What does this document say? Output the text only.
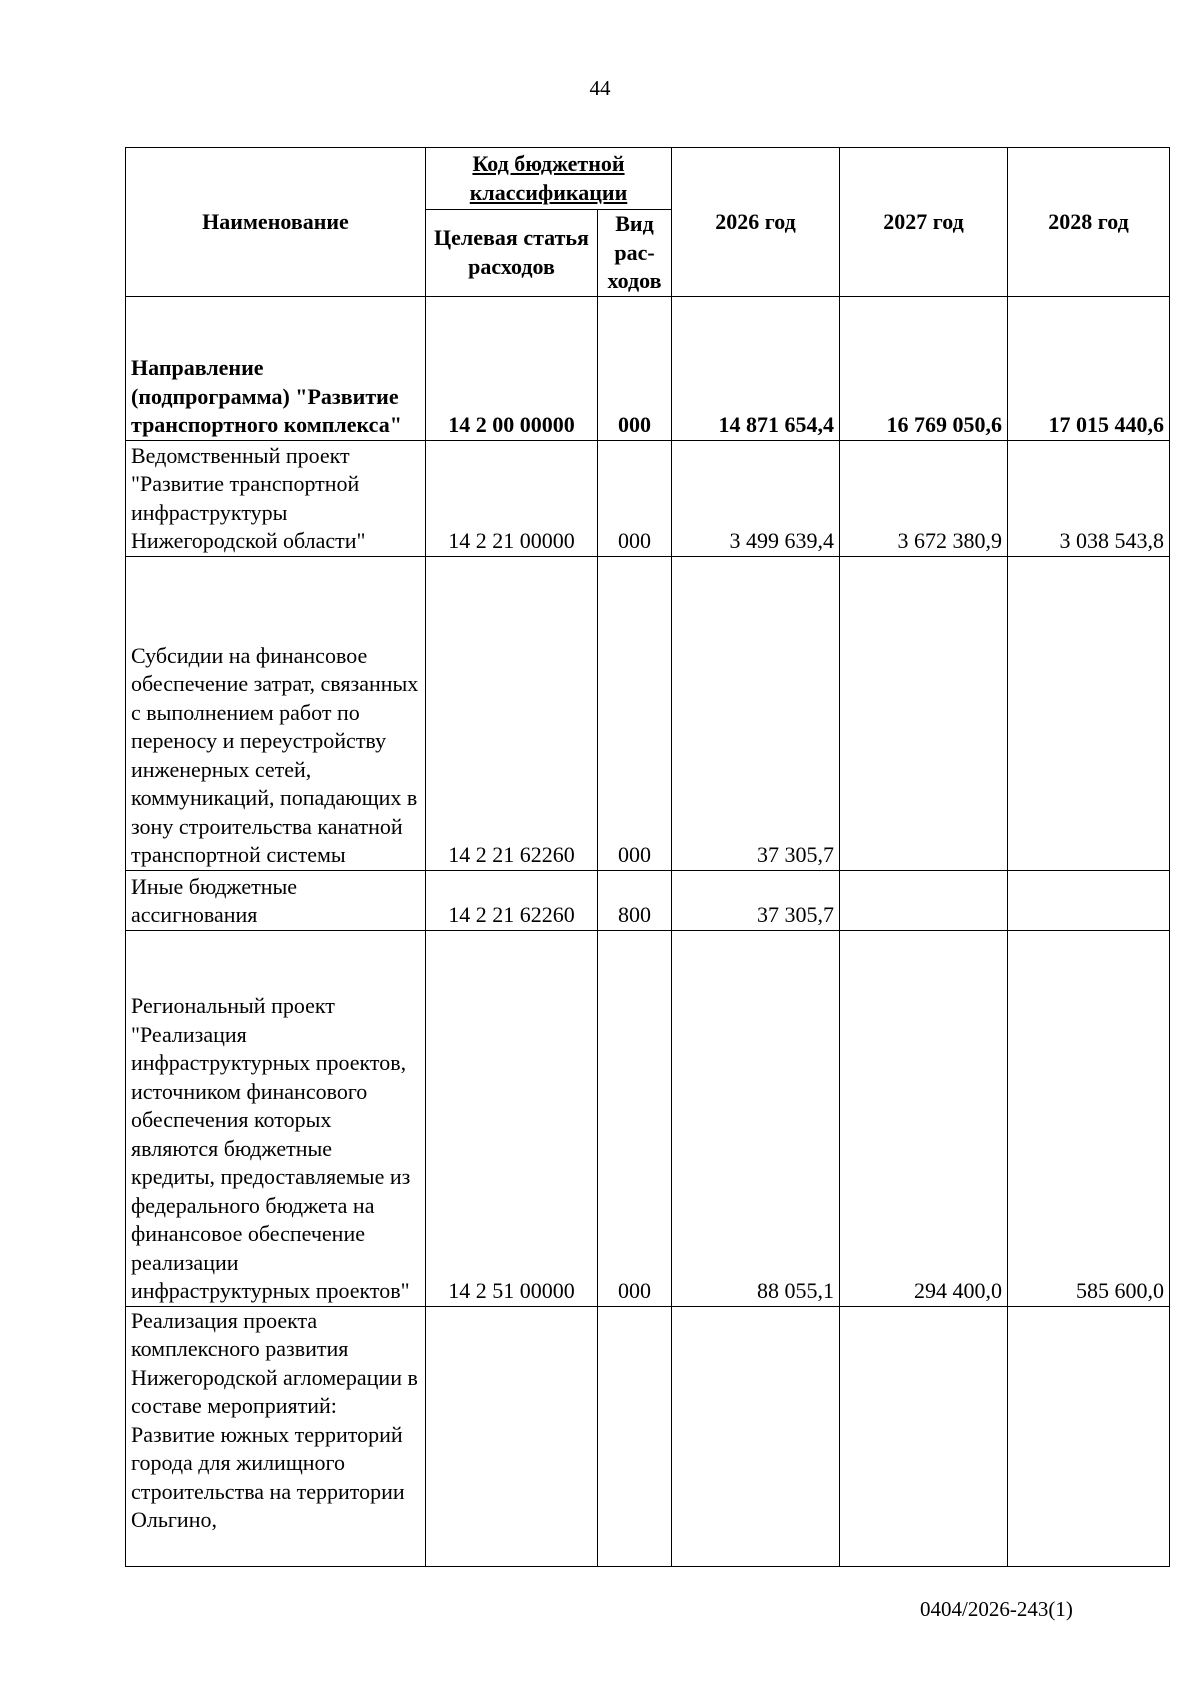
44
Наименование	Код бюджетной классификации		2026 год	2027 год	2028 год
	Целевая статья расходов	Вид рас-ходов			
Направление (подпрограмма) "Развитие транспортного комплекса"	14 2 00 00000	000	14 871 654,4	16 769 050,6	17 015 440,6
Ведомственный проект "Развитие транспортной инфраструктуры Нижегородской области"	14 2 21 00000	000	3 499 639,4	3 672 380,9	3 038 543,8
Субсидии на финансовое обеспечение затрат, связанных с выполнением работ по переносу и переустройству инженерных сетей, коммуникаций, попадающих в зону строительства канатной транспортной системы	14 2 21 62260	000	37 305,7		
Иные бюджетные ассигнования	14 2 21 62260	800	37 305,7		
Региональный проект "Реализация инфраструктурных проектов, источником финансового обеспечения которых являются бюджетные кредиты, предоставляемые из федерального бюджета на финансовое обеспечение реализации инфраструктурных проектов"	14 2 51 00000	000	88 055,1	294 400,0	585 600,0
Реализация проекта комплексного развития Нижегородской агломерации в составе мероприятий: Развитие южных территорий города для жилищного строительства на территории Ольгино,					
0404/2026-243(1)
